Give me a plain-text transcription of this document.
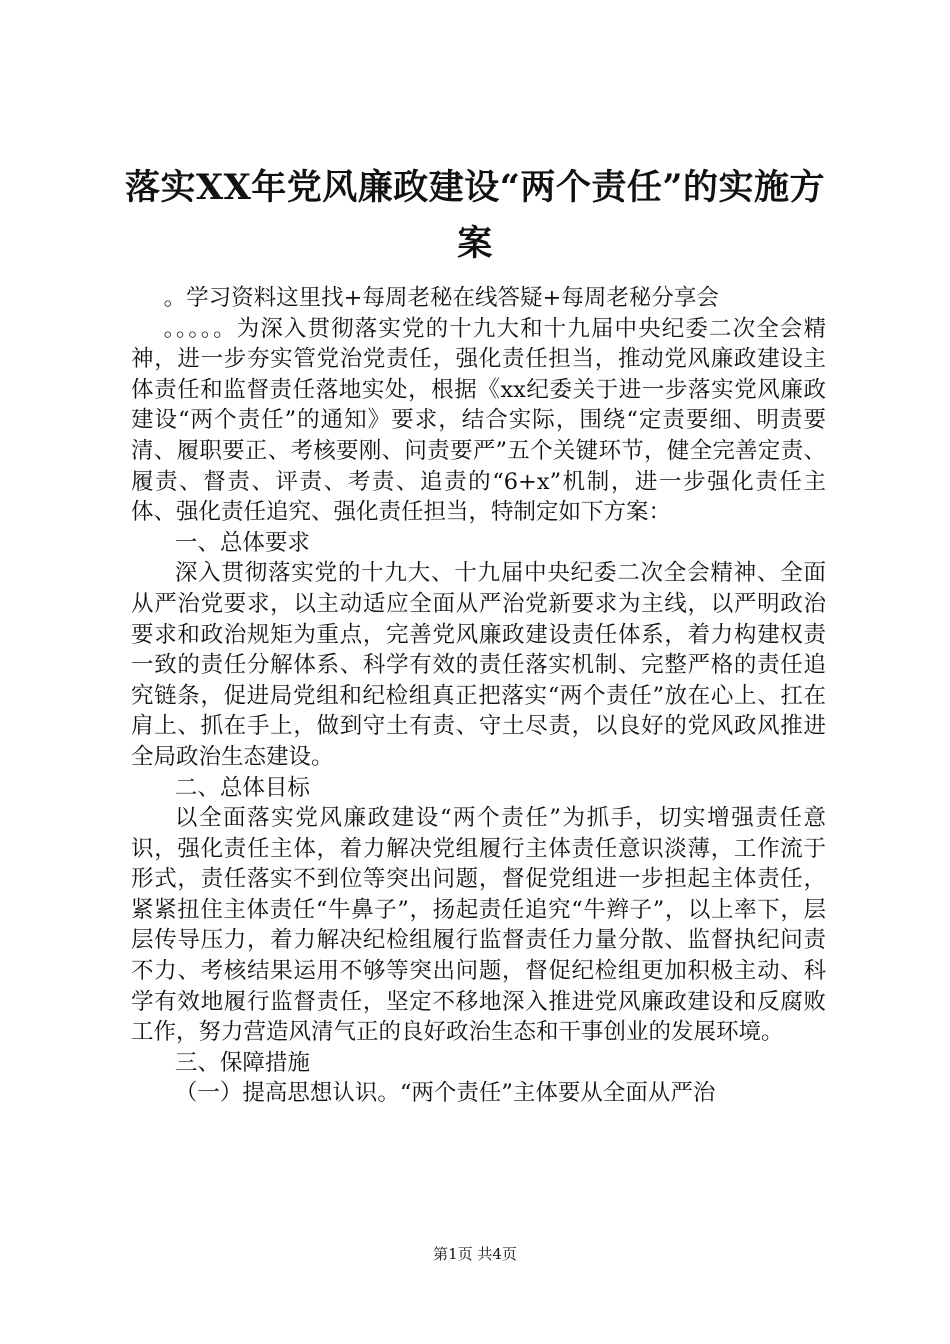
落实XX年党风廉政建设“两个责任”的实施方案

。学习资料这里找+每周老秘在线答疑+每周老秘分享会

。。。。。为深入贯彻落实党的十九大和十九届中央纪委二次全会精神，进一步夯实管党治党责任，强化责任担当，推动党风廉政建设主体责任和监督责任落地实处，根据《xx纪委关于进一步落实党风廉政建设“两个责任”的通知》要求，结合实际，围绕“定责要细、明责要清、履职要正、考核要刚、问责要严”五个关键环节，健全完善定责、履责、督责、评责、考责、追责的“6+x”机制，进一步强化责任主体、强化责任追究、强化责任担当，特制定如下方案：

一、总体要求

深入贯彻落实党的十九大、十九届中央纪委二次全会精神、全面从严治党要求，以主动适应全面从严治党新要求为主线，以严明政治要求和政治规矩为重点，完善党风廉政建设责任体系，着力构建权责一致的责任分解体系、科学有效的责任落实机制、完整严格的责任追究链条，促进局党组和纪检组真正把落实“两个责任”放在心上、扛在肩上、抓在手上，做到守土有责、守土尽责，以良好的党风政风推进全局政治生态建设。

二、总体目标

以全面落实党风廉政建设“两个责任”为抓手，切实增强责任意识，强化责任主体，着力解决党组履行主体责任意识淡薄，工作流于形式，责任落实不到位等突出问题，督促党组进一步担起主体责任，紧紧扭住主体责任“牛鼻子”，扬起责任追究“牛辫子”，以上率下，层层传导压力，着力解决纪检组履行监督责任力量分散、监督执纪问责不力、考核结果运用不够等突出问题，督促纪检组更加积极主动、科学有效地履行监督责任，坚定不移地深入推进党风廉政建设和反腐败工作，努力营造风清气正的良好政治生态和干事创业的发展环境。

三、保障措施

（一）提高思想认识。“两个责任”主体要从全面从严治

第1页 共4页
